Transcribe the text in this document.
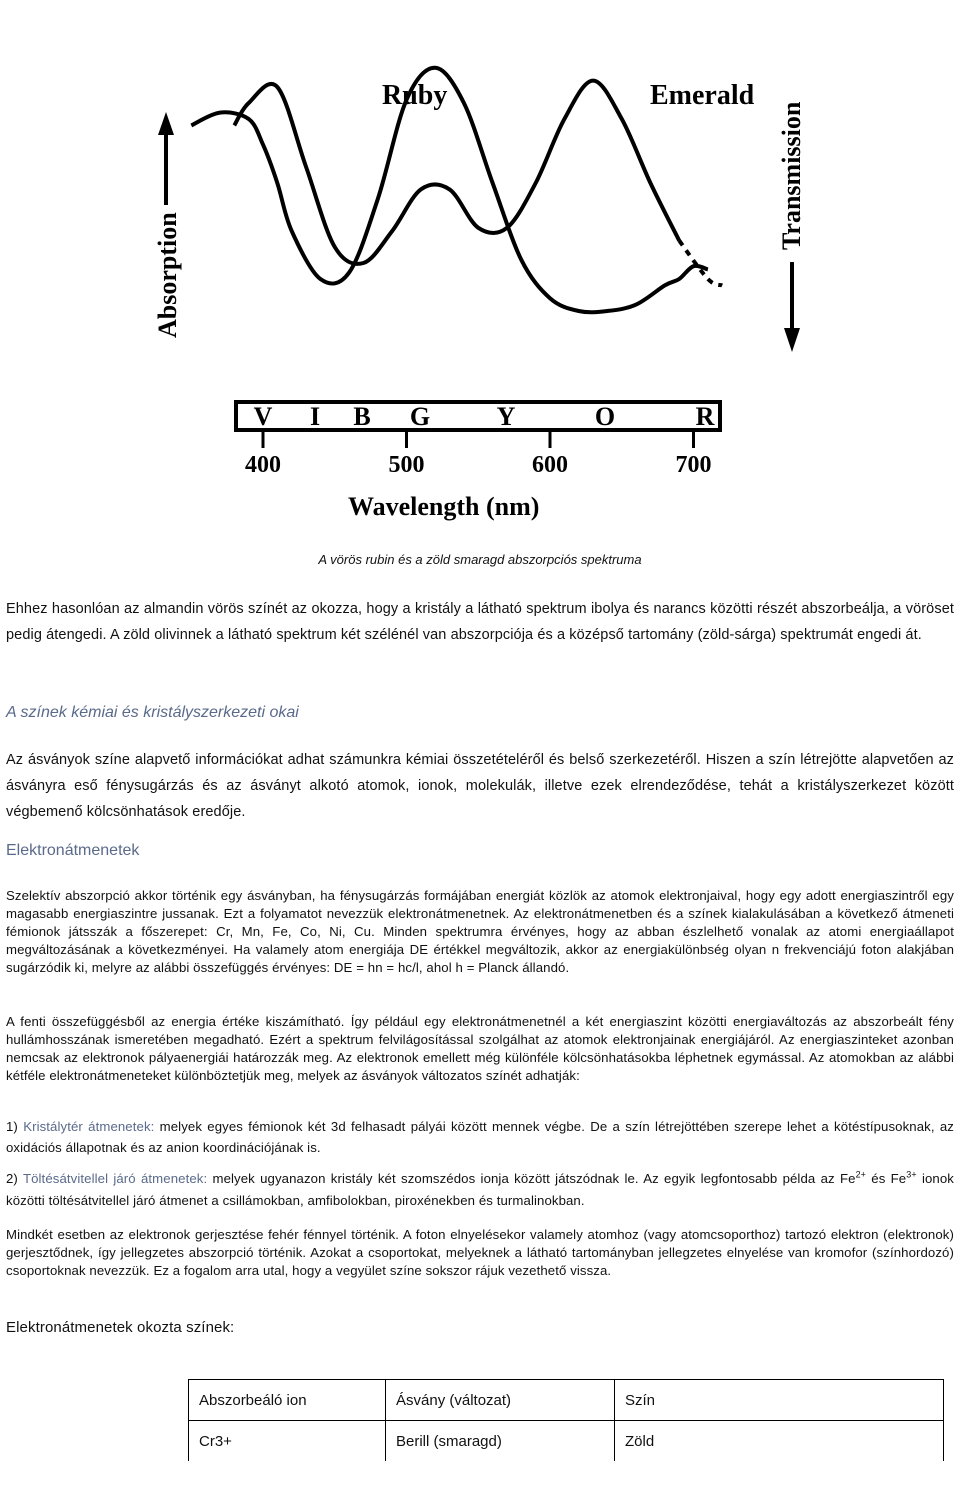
Ruby	Emerald
Absorption
Transmission
V I B G	Y	O	R
400	500	600	700
Wavelength (nm)
A vörös rubin és a zöld smaragd abszorpciós spektruma
Ehhez hasonlóan az almandin vörös színét az okozza, hogy a kristály a látható spektrum ibolya és narancs közötti részét abszorbeálja, a vöröset pedig átengedi. A zöld olivinnek a látható spektrum két szélénél van abszorpciója és a középső tartomány (zöld-sárga) spektrumát engedi át.
A színek kémiai és kristályszerkezeti okai
Az ásványok színe alapvető információkat adhat számunkra kémiai összetételéről és belső szerkezetéről. Hiszen a szín létrejötte alapvetően az ásványra eső fénysugárzás és az ásványt alkotó atomok, ionok, molekulák, illetve ezek elrendeződése, tehát a kristályszerkezet között végbemenő kölcsönhatások eredője.
Elektronátmenetek
Szelektív abszorpció akkor történik egy ásványban, ha fénysugárzás formájában energiát közlök az atomok elektronjaival, hogy egy adott energiaszintről egy magasabb energiaszintre jussanak. Ezt a folyamatot nevezzük elektronátmenetnek. Az elektronátmenetben és a színek kialakulásában a következő átmeneti fémionok játsszák a főszerepet: Cr, Mn, Fe, Co, Ni, Cu. Minden spektrumra érvényes, hogy az abban észlelhető vonalak az atomi energiaállapot megváltozásának a következményei. Ha valamely atom energiája DE értékkel megváltozik, akkor az energiakülönbség olyan n frekvenciájú foton alakjában sugárzódik ki, melyre az alábbi összefüggés érvényes: DE = hn = hc/l, ahol h = Planck állandó.
A fenti összefüggésből az energia értéke kiszámítható. Így például egy elektronátmenetnél a két energiaszint közötti energiaváltozás az abszorbeált fény hullámhosszának ismeretében megadható. Ezért a spektrum felvilágosítással szolgálhat az atomok elektronjainak energiájáról. Az energiaszinteket azonban nemcsak az elektronok pályaenergiái határozzák meg. Az elektronok emellett még különféle kölcsönhatásokba léphetnek egymással. Az atomokban az alábbi kétféle elektronátmeneteket különböztetjük meg, melyek az ásványok változatos színét adhatják:
1) Kristálytér átmenetek: melyek egyes fémionok két 3d felhasadt pályái között mennek végbe. De a szín létrejöttében szerepe lehet a kötéstípusoknak, az oxidációs állapotnak és az anion koordinációjának is.
2) Töltésátvitellel járó átmenetek: melyek ugyanazon kristály két szomszédos ionja között játszódnak le. Az egyik legfontosabb példa az $Fe^{2+}$ és $Fe^{3+}$ ionok közötti töltésátvitellel járó átmenet a csillámokban, amfibolokban, piroxénekben és turmalinokban.
Mindkét esetben az elektronok gerjesztése fehér fénnyel történik. A foton elnyelésekor valamely atomhoz (vagy atomcsoporthoz) tartozó elektron (elektronok) gerjesztődnek, így jellegzetes abszorpció történik. Azokat a csoportokat, melyeknek a látható tartományban jellegzetes elnyelése van kromofor (színhordozó) csoportoknak nevezzük. Ez a fogalom arra utal, hogy a vegyület színe sokszor rájuk vezethető vissza.
Elektronátmenetek okozta színek:
Abszorbeáló ion	Ásvány (változat)	Szín
Cr3+	Berill (smaragd)	Zöld
